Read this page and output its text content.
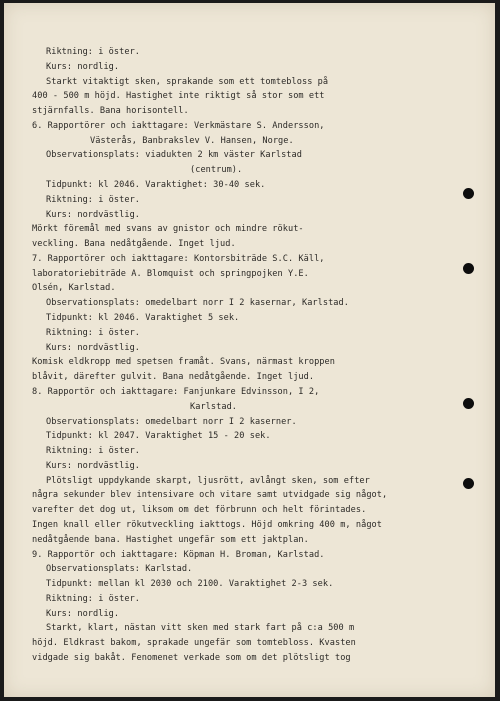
Riktning: i öster.
Kurs: nordlig.
Starkt vitaktigt sken, sprakande som ett tomtebloss på
400 - 500 m höjd. Hastighet inte riktigt så stor som ett
stjärnfalls. Bana horisontell.
6. Rapportörer och iakttagare: Verkmästare S. Andersson,
Västerås, Banbrakslev V. Hansen, Norge.
Observationsplats: viadukten 2 km väster Karlstad
(centrum).
Tidpunkt: kl 2046. Varaktighet: 30-40 sek.
Riktning: i öster.
Kurs: nordvästlig.
Mörkt föremål med svans av gnistor och mindre rökut-
veckling. Bana nedåtgående. Inget ljud.
7. Rapportörer och iakttagare: Kontorsbiträde S.C. Käll,
laboratoriebiträde A. Blomquist och springpojken Y.E.
Olsén, Karlstad.
Observationsplats: omedelbart norr I 2 kasernar, Karlstad.
Tidpunkt: kl 2046. Varaktighet 5 sek.
Riktning: i öster.
Kurs: nordvästlig.
Komisk eldkropp med spetsen framåt. Svans, närmast kroppen
blåvit, därefter gulvit. Bana nedåtgående. Inget ljud.
8. Rapportör och iakttagare: Fanjunkare Edvinsson, I 2,
Karlstad.
Observationsplats: omedelbart norr I 2 kaserner.
Tidpunkt: kl 2047. Varaktighet 15 - 20 sek.
Riktning: i öster.
Kurs: nordvästlig.
Plötsligt uppdykande skarpt, ljusrött, avlångt sken, som efter
några sekunder blev intensivare och vitare samt utvidgade sig något,
varefter det dog ut, liksom om det förbrunn och helt förintades.
Ingen knall eller rökutveckling iakttogs. Höjd omkring 400 m, något
nedåtgående bana. Hastighet ungefär som ett jaktplan.
9. Rapportör och iakttagare: Köpman H. Broman, Karlstad.
Observationsplats: Karlstad.
Tidpunkt: mellan kl 2030 och 2100. Varaktighet 2-3 sek.
Riktning: i öster.
Kurs: nordlig.
Starkt, klart, nästan vitt sken med stark fart på c:a 500 m
höjd. Eldkrast bakom, sprakade ungefär som tomtebloss. Kvasten
vidgade sig bakåt. Fenomenet verkade som om det plötsligt tog
